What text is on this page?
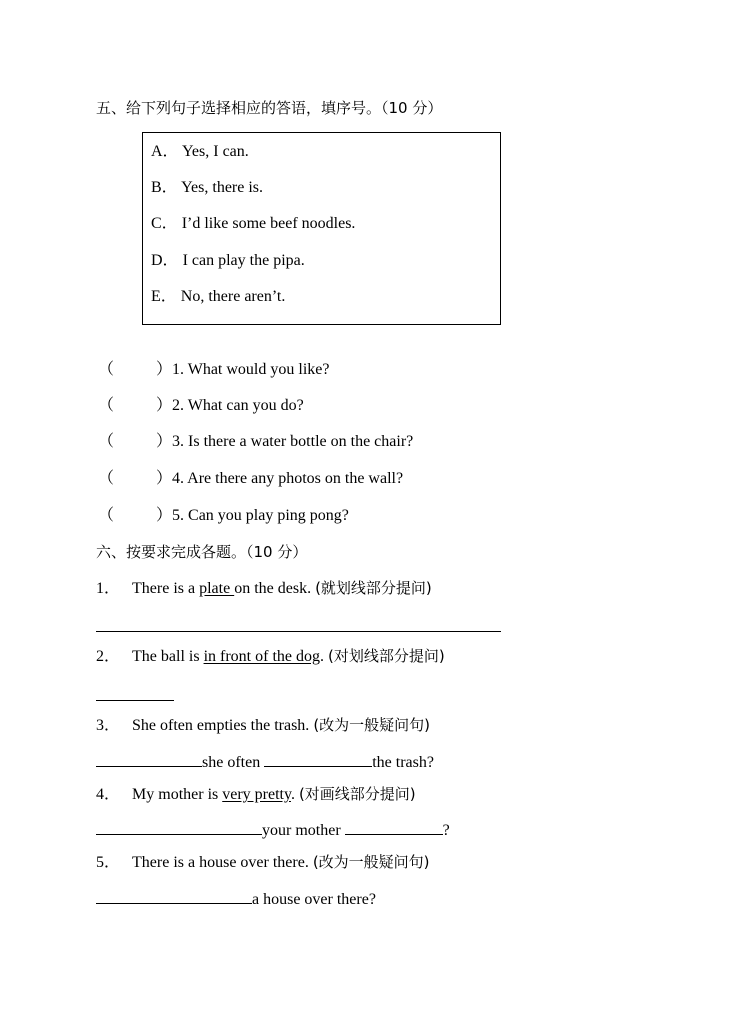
五、给下列句子选择相应的答语，填序号。（10 分）
A． Yes, I can.
B． Yes, there is.
C． I’d like some beef noodles.
D． I can play the pipa.
E． No, there aren’t.
（	）1. What would you like?
（	）2. What can you do?
（	）3. Is there a water bottle on the chair?
（	）4. Are there any photos on the wall?
（	）5. Can you play ping pong?
六、按要求完成各题。（10 分）
1． There is a plate on the desk. (就划线部分提问)
2． The ball is in front of the dog. (对划线部分提问)
3． She often empties the trash. (改为一般疑问句)
she often	the trash?
4． My mother is very pretty. (对画线部分提问)
your mother	?
5． There is a house over there. (改为一般疑问句)
a house over there?
